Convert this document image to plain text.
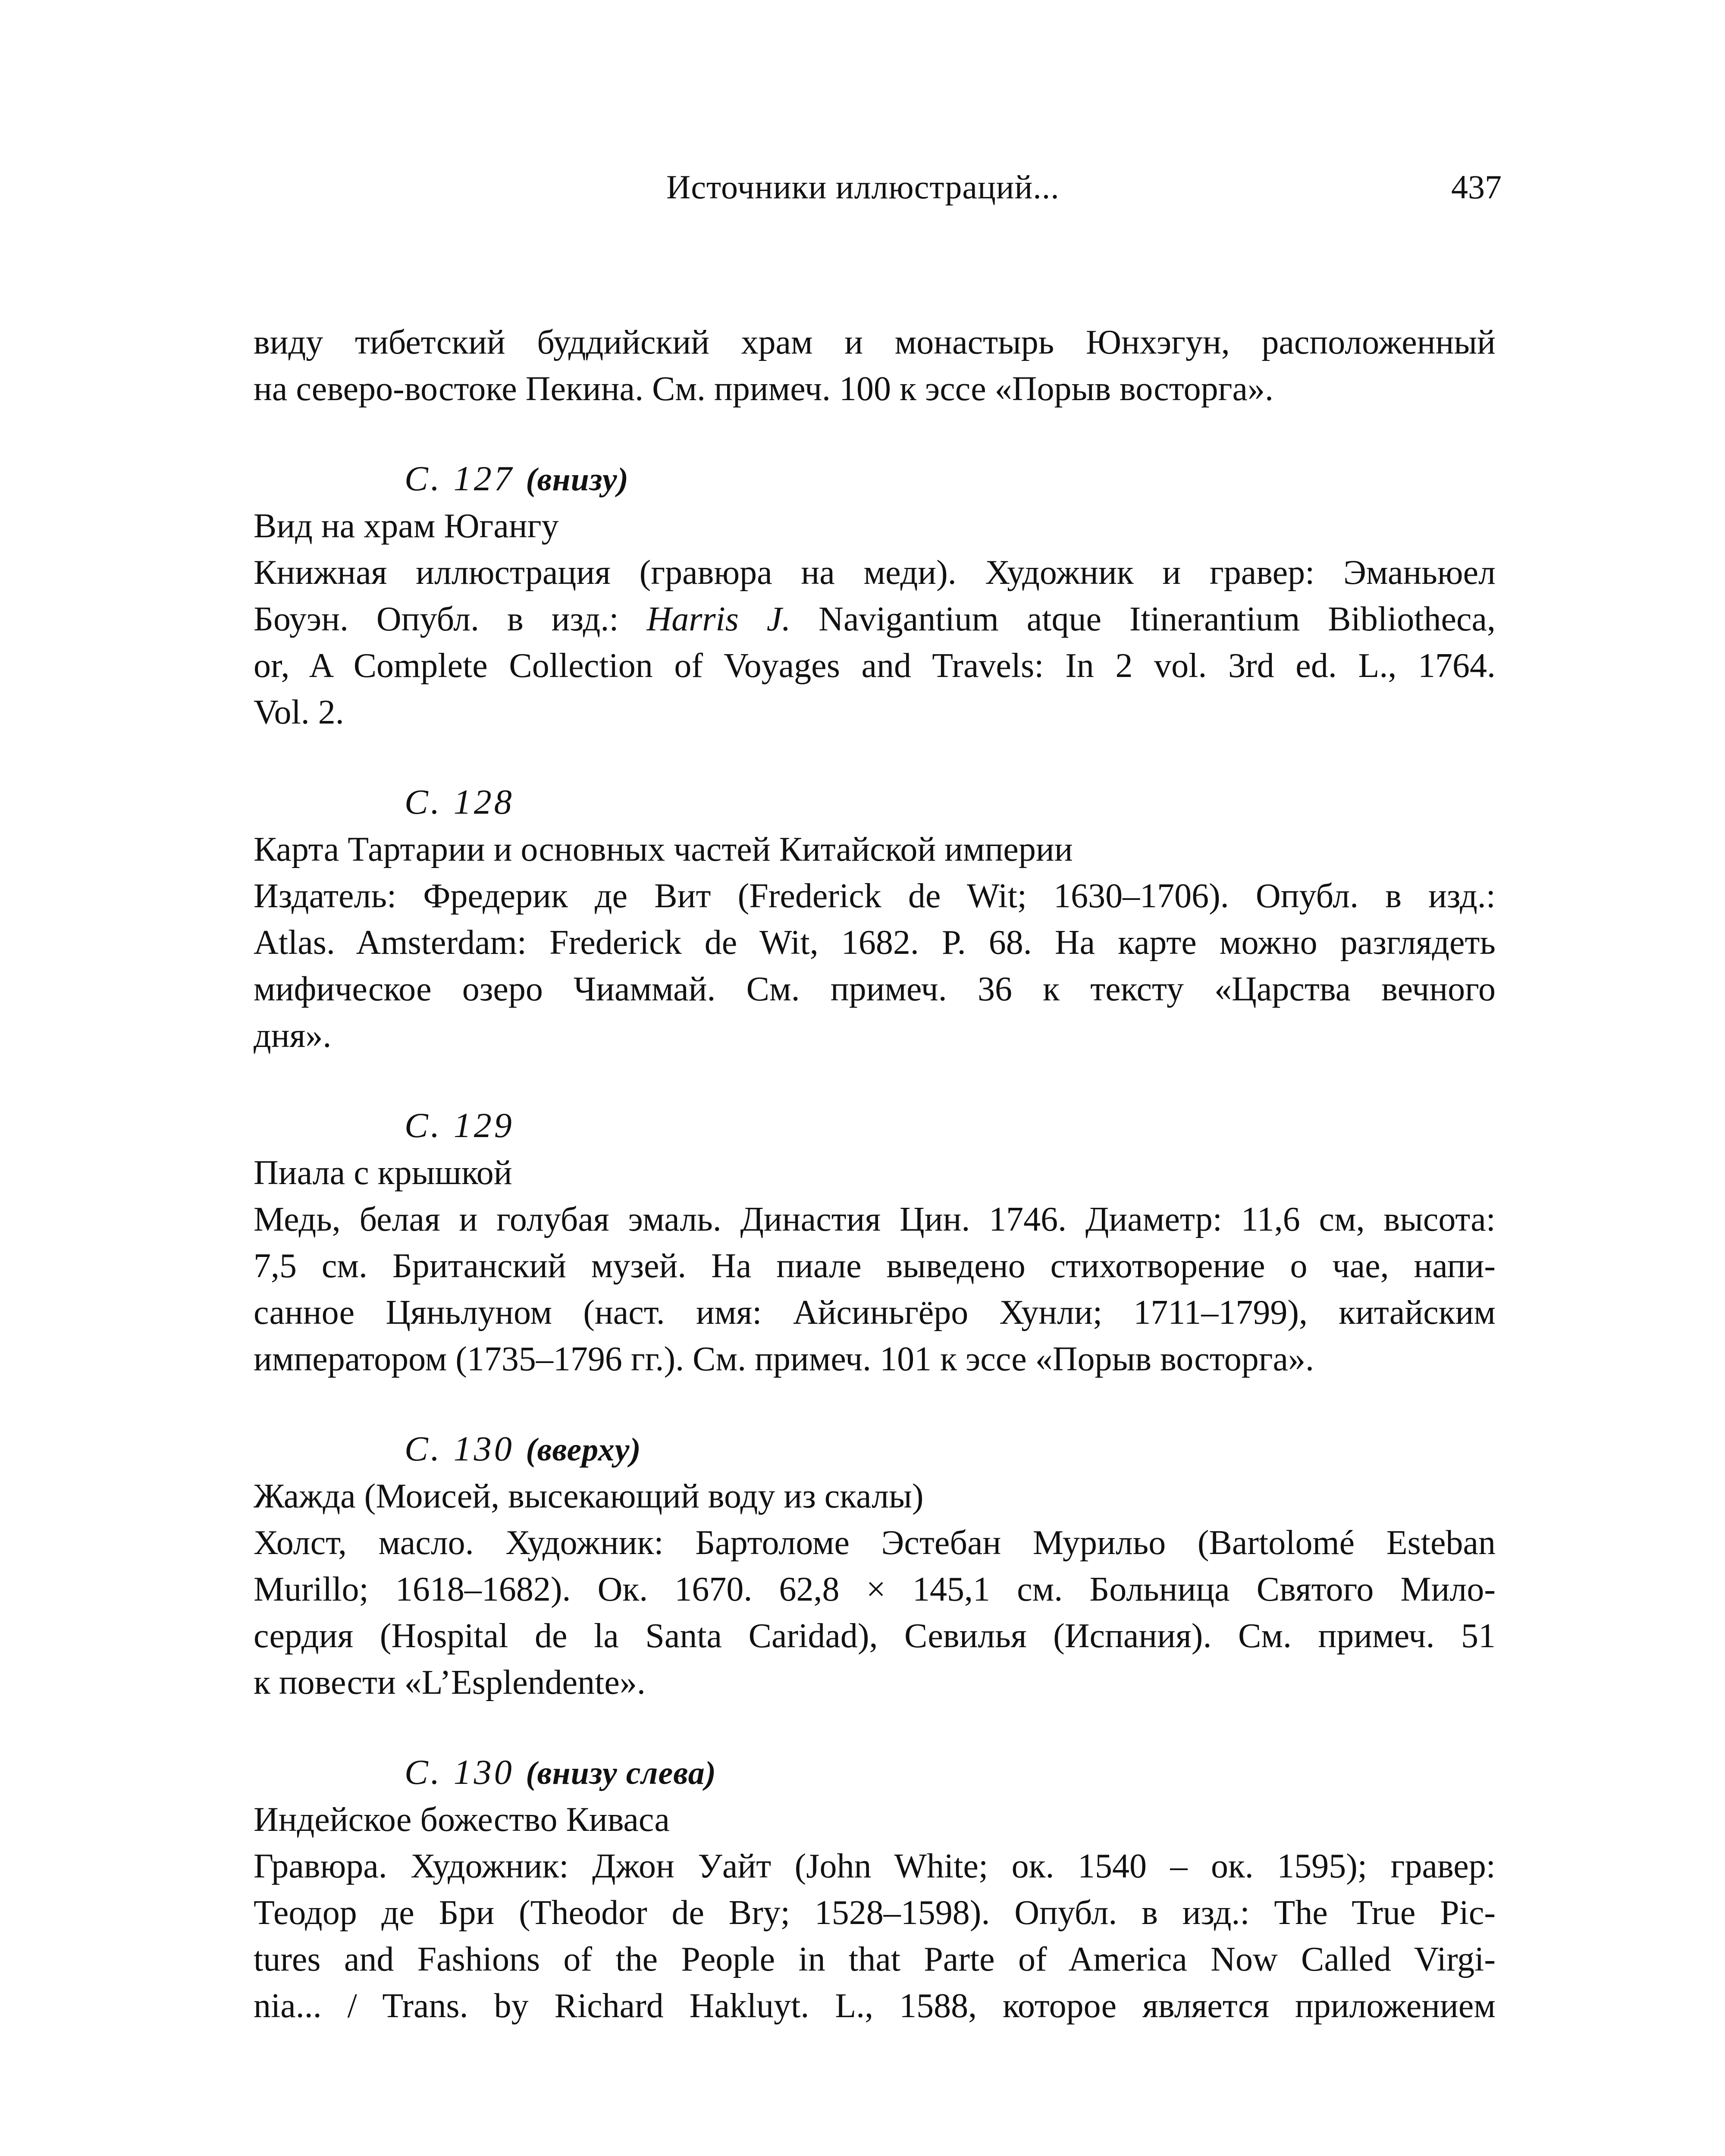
Источники иллюстраций...	437
виду тибетский буддийский храм и монастырь Юнхэгун, расположенный
на северо-востоке Пекина. См. примеч. 100 к эссе «Порыв восторга».
С. 127 (внизу)
Вид на храм Югангу
Книжная иллюстрация (гравюра на меди). Художник и гравер: Эманьюел
Боуэн. Опубл. в изд.: Harris J. Navigantium atque Itinerantium Bibliotheca,
or, A Complete Collection of Voyages and Travels: In 2 vol. 3rd ed. L., 1764.
Vol. 2.
С. 128
Карта Тартарии и основных частей Китайской империи
Издатель: Фредерик де Вит (Frederick de Wit; 1630–1706). Опубл. в изд.:
Atlas. Amsterdam: Frederick de Wit, 1682. P. 68. На карте можно разглядеть
мифическое озеро Чиаммай. См. примеч. 36 к тексту «Царства вечного
дня».
С. 129
Пиала с крышкой
Медь, белая и голубая эмаль. Династия Цин. 1746. Диаметр: 11,6 см, высота:
7,5 см. Британский музей. На пиале выведено стихотворение о чае, напи-
санное Цяньлуном (наст. имя: Айсиньгёро Хунли; 1711–1799), китайским
императором (1735–1796 гг.). См. примеч. 101 к эссе «Порыв восторга».
С. 130 (вверху)
Жажда (Моисей, высекающий воду из скалы)
Холст, масло. Художник: Бартоломе Эстебан Мурильо (Bartolomé Esteban
Murillo; 1618–1682). Ок. 1670. 62,8 × 145,1 см. Больница Святого Мило-
сердия (Hospital de la Santa Caridad), Севилья (Испания). См. примеч. 51
к повести «L’Esplendente».
С. 130 (внизу слева)
Индейское божество Киваса
Гравюра. Художник: Джон Уайт (John White; ок. 1540 – ок. 1595); гравер:
Теодор де Бри (Theodor de Bry; 1528–1598). Опубл. в изд.: The True Pic-
tures and Fashions of the People in that Parte of America Now Called Virgi-
nia... / Trans. by Richard Hakluyt. L., 1588, которое является приложением
